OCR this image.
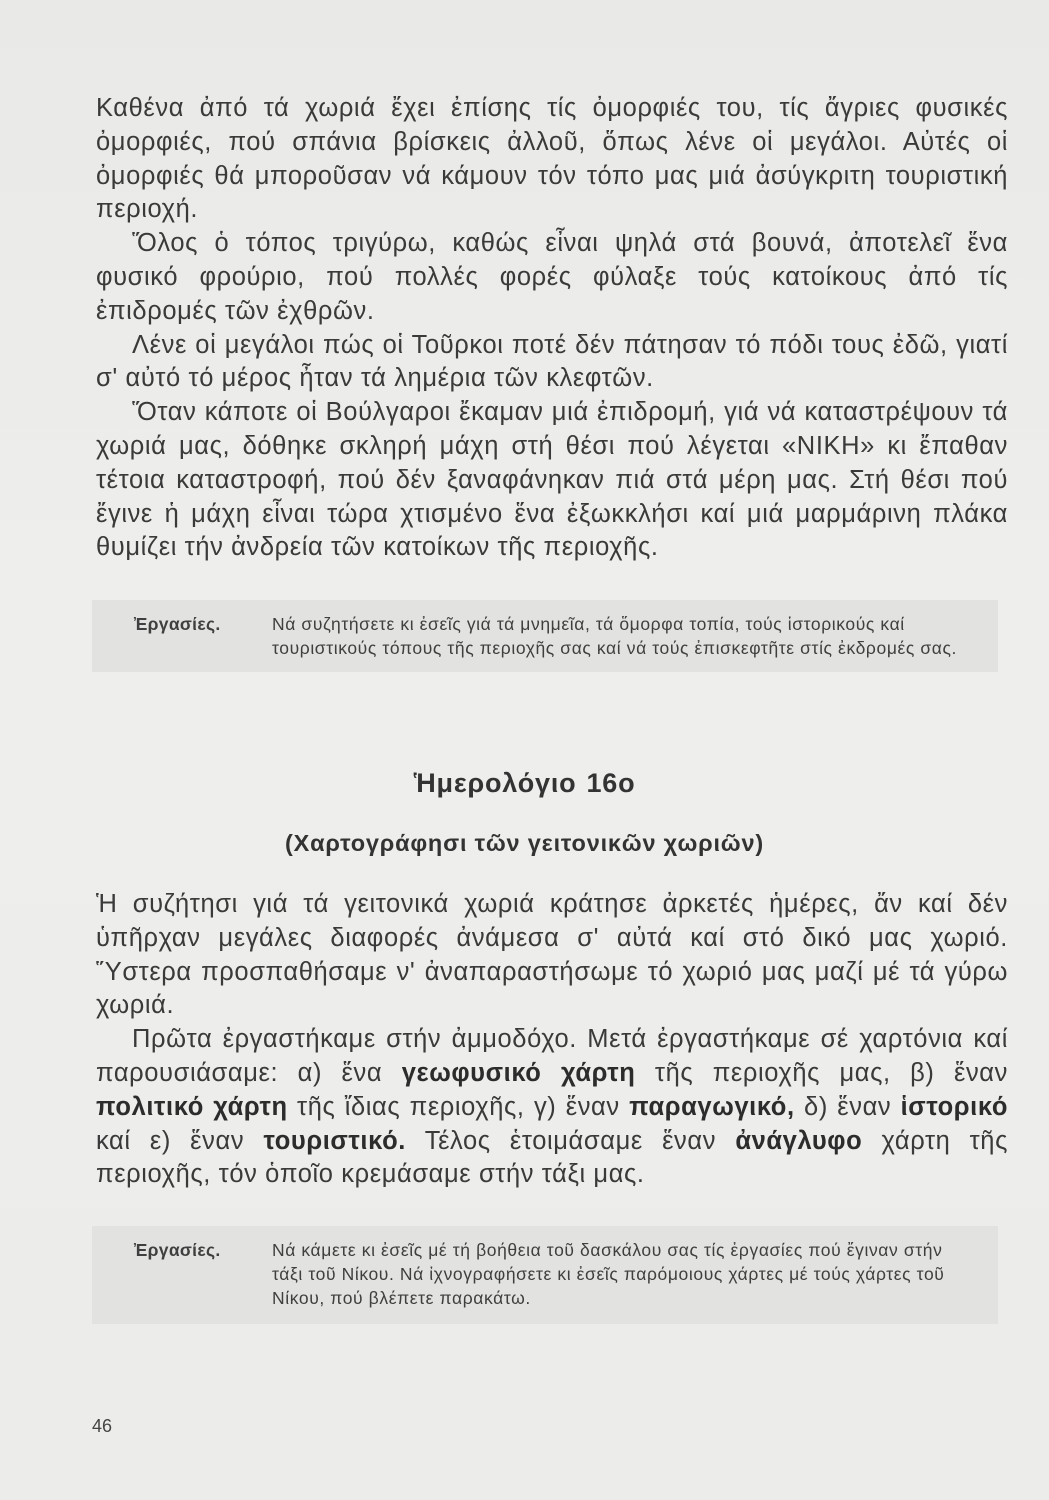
Καθένα ἀπό τά χωριά ἔχει ἐπίσης τίς ὀμορφιές του, τίς ἄγριες φυσικές ὀμορφιές, πού σπάνια βρίσκεις ἀλλοῦ, ὅπως λένε οἱ μεγάλοι. Αὐτές οἱ ὀμορφιές θά μποροῦσαν νά κάμουν τόν τόπο μας μιά ἀσύγκριτη τουριστική περιοχή.

Ὅλος ὁ τόπος τριγύρω, καθώς εἶναι ψηλά στά βουνά, ἀποτελεῖ ἕνα φυσικό φρούριο, πού πολλές φορές φύλαξε τούς κατοίκους ἀπό τίς ἐπιδρομές τῶν ἐχθρῶν.

Λένε οἱ μεγάλοι πώς οἱ Τοῦρκοι ποτέ δέν πάτησαν τό πόδι τους ἐδῶ, γιατί σ' αὐτό τό μέρος ἦταν τά λημέρια τῶν κλεφτῶν.

Ὅταν κάποτε οἱ Βούλγαροι ἔκαμαν μιά ἐπιδρομή, γιά νά καταστρέψουν τά χωριά μας, δόθηκε σκληρή μάχη στή θέσι πού λέγεται «ΝΙΚΗ» κι ἔπαθαν τέτοια καταστροφή, πού δέν ξαναφάνηκαν πιά στά μέρη μας. Στή θέσι πού ἔγινε ἡ μάχη εἶναι τώρα χτισμένο ἕνα ἐξωκκλήσι καί μιά μαρμάρινη πλάκα θυμίζει τήν ἀνδρεία τῶν κατοίκων τῆς περιοχῆς.

Ἐργασίες.	Νά συζητήσετε κι ἐσεῖς γιά τά μνημεῖα, τά ὅμορφα τοπία, τούς ἱστορικούς καί τουριστικούς τόπους τῆς περιοχῆς σας καί νά τούς ἐπισκεφτῆτε στίς ἐκδρομές σας.
Ἡμερολόγιο 16ο
(Χαρτογράφησι τῶν γειτονικῶν χωριῶν)

Ἡ συζήτησι γιά τά γειτονικά χωριά κράτησε ἀρκετές ἡμέρες, ἄν καί δέν ὑπῆρχαν μεγάλες διαφορές ἀνάμεσα σ' αὐτά καί στό δικό μας χωριό. Ὕστερα προσπαθήσαμε ν' ἀναπαραστήσωμε τό χωριό μας μαζί μέ τά γύρω χωριά.

Πρῶτα ἐργαστήκαμε στήν ἀμμοδόχο. Μετά ἐργαστήκαμε σέ χαρτόνια καί παρουσιάσαμε: α) ἕνα γεωφυσικό χάρτη τῆς περιοχῆς μας, β) ἕναν πολιτικό χάρτη τῆς ἴδιας περιοχῆς, γ) ἕναν παραγωγικό, δ) ἕναν ἱστορικό καί ε) ἕναν τουριστικό. Τέλος ἑτοιμάσαμε ἕναν ἀνάγλυφο χάρτη τῆς περιοχῆς, τόν ὁποῖο κρεμάσαμε στήν τάξι μας.

Ἐργασίες.	Νά κάμετε κι ἐσεῖς μέ τή βοήθεια τοῦ δασκάλου σας τίς ἐργασίες πού ἔγιναν στήν τάξι τοῦ Νίκου. Νά ἰχνογραφήσετε κι ἐσεῖς παρόμοιους χάρτες μέ τούς χάρτες τοῦ Νίκου, πού βλέπετε παρακάτω.
46
